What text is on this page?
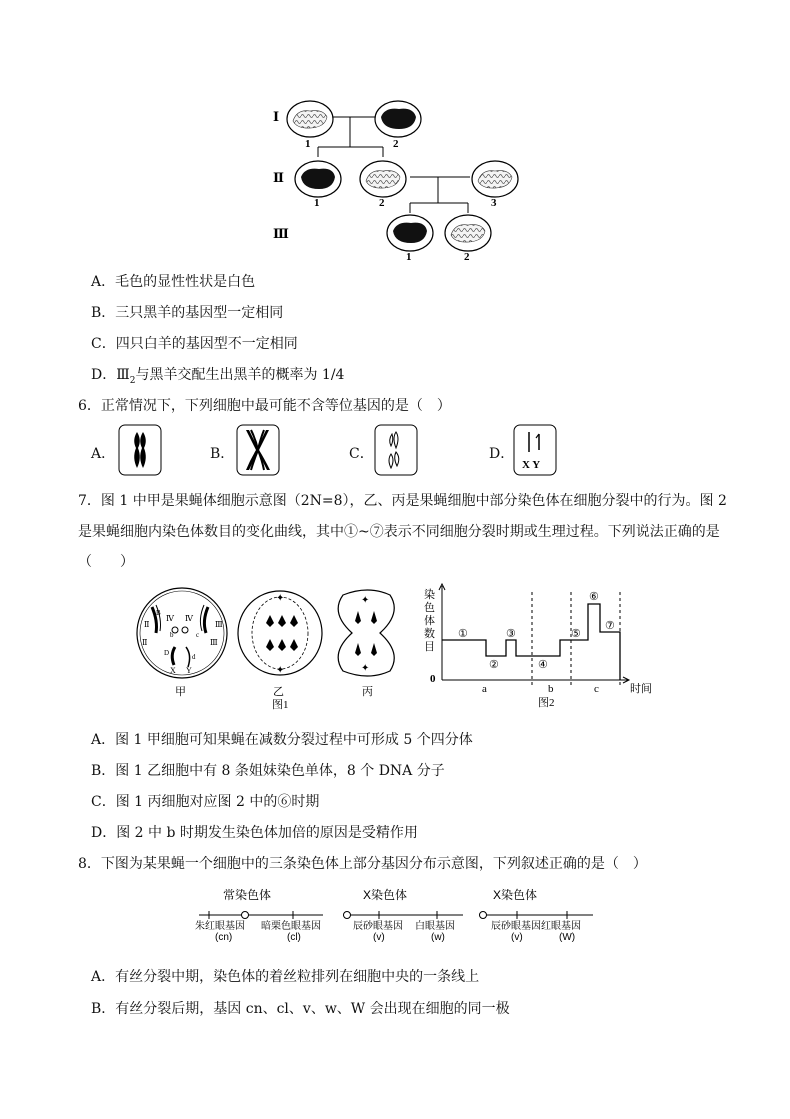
Ⅰ
Ⅱ
Ⅲ
1	2
1	2	3
1	2
A．毛色的显性性状是白色
B．三只黑羊的基因型一定相同
C．四只白羊的基因型不一定相同
D．$Ⅲ_2$与黑羊交配生出黑羊的概率为 1/4
6．正常情况下，下列细胞中最可能不含等位基因的是（　）
A．	B．	C．	D．
X Y
7．图 1 中甲是果蝇体细胞示意图（2N=8），乙、丙是果蝇细胞中部分染色体在细胞分裂中的行为。图 2
是果蝇细胞内染色体数目的变化曲线，其中①~⑦表示不同细胞分裂时期或生理过程。下列说法正确的是
（　　）
Ⅱ
Ⅳ Ⅳ
Ⅲ
Ⅲ
Ⅱ
B
b	c
D	d
X Y
甲
✦
✦
乙
图1
✦
✦
丙
染
色
体
数
目
0
时间
①
②
③
④
⑤
⑥
⑦
a	b	c
图2
A．图 1 甲细胞可知果蝇在减数分裂过程中可形成 5 个四分体
B．图 1 乙细胞中有 8 条姐妹染色单体，8 个 DNA 分子
C．图 1 丙细胞对应图 2 中的⑥时期
D．图 2 中 b 时期发生染色体加倍的原因是受精作用
8．下图为某果蝇一个细胞中的三条染色体上部分基因分布示意图，下列叙述正确的是（　）
常染色体
朱红眼基因
(cn)
暗栗色眼基因
(cl)
X染色体
辰砂眼基因
(v)
白眼基因
(w)
X染色体
辰砂眼基因
(v)
红眼基因
(W)
A．有丝分裂中期，染色体的着丝粒排列在细胞中央的一条线上
B．有丝分裂后期，基因 cn、cl、v、w、W 会出现在细胞的同一极
